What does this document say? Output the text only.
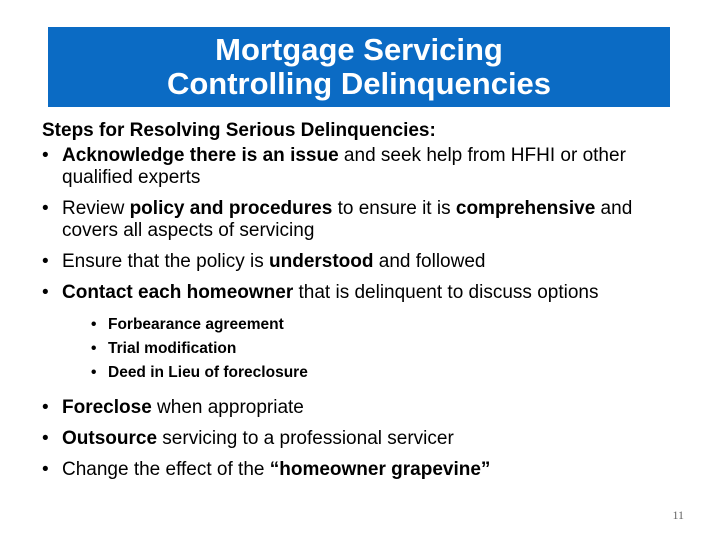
Mortgage Servicing
Controlling Delinquencies

Steps for Resolving Serious Delinquencies:

• Acknowledge there is an issue and seek help from HFHI or other qualified experts
• Review policy and procedures to ensure it is comprehensive and covers all aspects of servicing
• Ensure that the policy is understood and followed
• Contact each homeowner that is delinquent to discuss options
• Forbearance agreement
• Trial modification
• Deed in Lieu of foreclosure
• Foreclose when appropriate
• Outsource servicing to a professional servicer
• Change the effect of the “homeowner grapevine”
11
